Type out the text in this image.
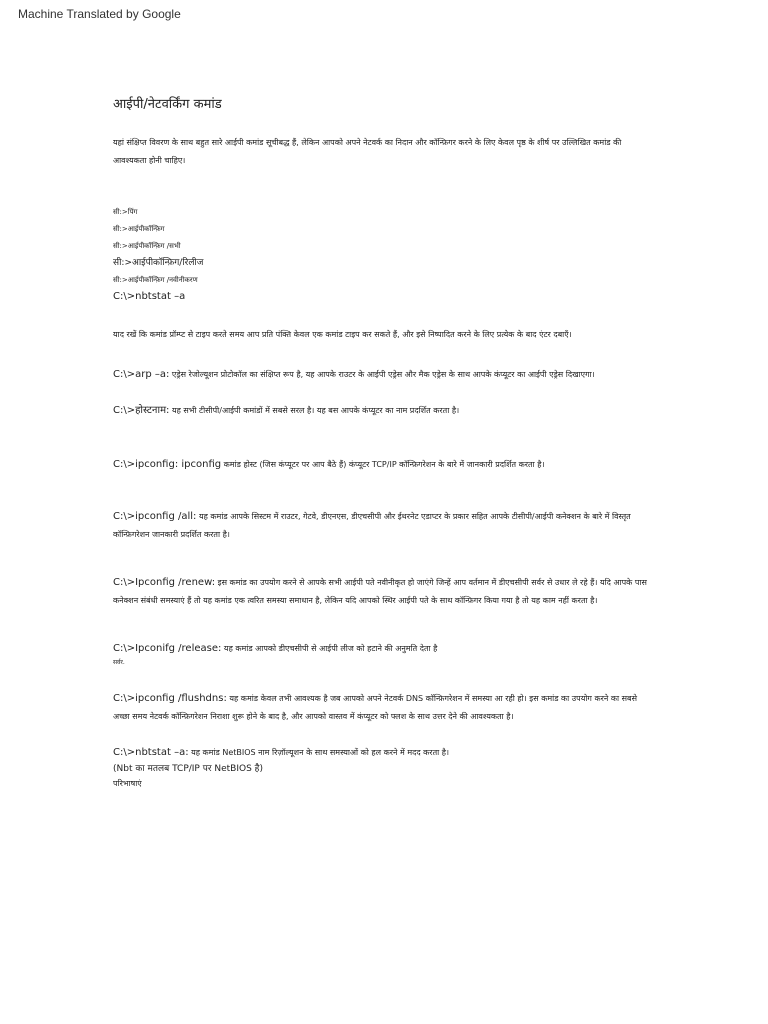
Machine Translated by Google
आईपी/नेटवर्किंग कमांड

यहां संक्षिप्त विवरण के साथ बहुत सारे आईपी कमांड सूचीबद्ध हैं, लेकिन आपको अपने नेटवर्क का निदान और कॉन्फ़िगर करने के लिए केवल पृष्ठ के शीर्ष पर उल्लिखित कमांड की आवश्यकता होनी चाहिए।

सी:>पिंग
सी:>आईपीकॉन्फ़िग
सी:>आईपीकॉन्फ़िग /सभी
सी:>आईपीकॉन्फ़िग/रिलीज
सी:>आईपीकॉन्फ़िग /नवीनीकरण
C:\>nbtstat –a

याद रखें कि कमांड प्रॉम्प्ट से टाइप करते समय आप प्रति पंक्ति केवल एक कमांड टाइप कर सकते हैं, और इसे निष्पादित करने के लिए प्रत्येक के बाद एंटर दबाएँ।

C:\>arp –a: एड्रेस रेजोल्यूशन प्रोटोकॉल का संक्षिप्त रूप है, यह आपके राउटर के आईपी एड्रेस और मैक एड्रेस के साथ आपके कंप्यूटर का आईपी एड्रेस दिखाएगा।

C:\>होस्टनाम: यह सभी टीसीपी/आईपी कमांडों में सबसे सरल है। यह बस आपके कंप्यूटर का नाम प्रदर्शित करता है।

C:\>ipconfig: ipconfig कमांड होस्ट (जिस कंप्यूटर पर आप बैठे हैं) कंप्यूटर TCP/IP कॉन्फ़िगरेशन के बारे में जानकारी प्रदर्शित करता है।

C:\>ipconfig /all: यह कमांड आपके सिस्टम में राउटर, गेटवे, डीएनएस, डीएचसीपी और ईथरनेट एडाप्टर के प्रकार सहित आपके टीसीपी/आईपी कनेक्शन के बारे में विस्तृत कॉन्फ़िगरेशन जानकारी प्रदर्शित करता है।

C:\>Ipconfig /renew: इस कमांड का उपयोग करने से आपके सभी आईपी पते नवीनीकृत हो जाएंगे जिन्हें आप वर्तमान में डीएचसीपी सर्वर से उधार ले रहे हैं। यदि आपके पास कनेक्शन संबंधी समस्याएं हैं तो यह कमांड एक त्वरित समस्या समाधान है, लेकिन यदि आपको स्थिर आईपी पते के साथ कॉन्फ़िगर किया गया है तो यह काम नहीं करता है।

C:\>Ipconifg /release: यह कमांड आपको डीएचसीपी से आईपी लीज को हटाने की अनुमति देता है
सर्वर.

C:\>ipconfig /flushdns: यह कमांड केवल तभी आवश्यक है जब आपको अपने नेटवर्क DNS कॉन्फ़िगरेशन में समस्या आ रही हो। इस कमांड का उपयोग करने का सबसे अच्छा समय नेटवर्क कॉन्फ़िगरेशन निराशा शुरू होने के बाद है, और आपको वास्तव में कंप्यूटर को फ्लश के साथ उत्तर देने की आवश्यकता है।

C:\>nbtstat –a: यह कमांड NetBIOS नाम रिज़ॉल्यूशन के साथ समस्याओं को हल करने में मदद करता है।
(Nbt का मतलब TCP/IP पर NetBIOS है)
परिभाषाएं
